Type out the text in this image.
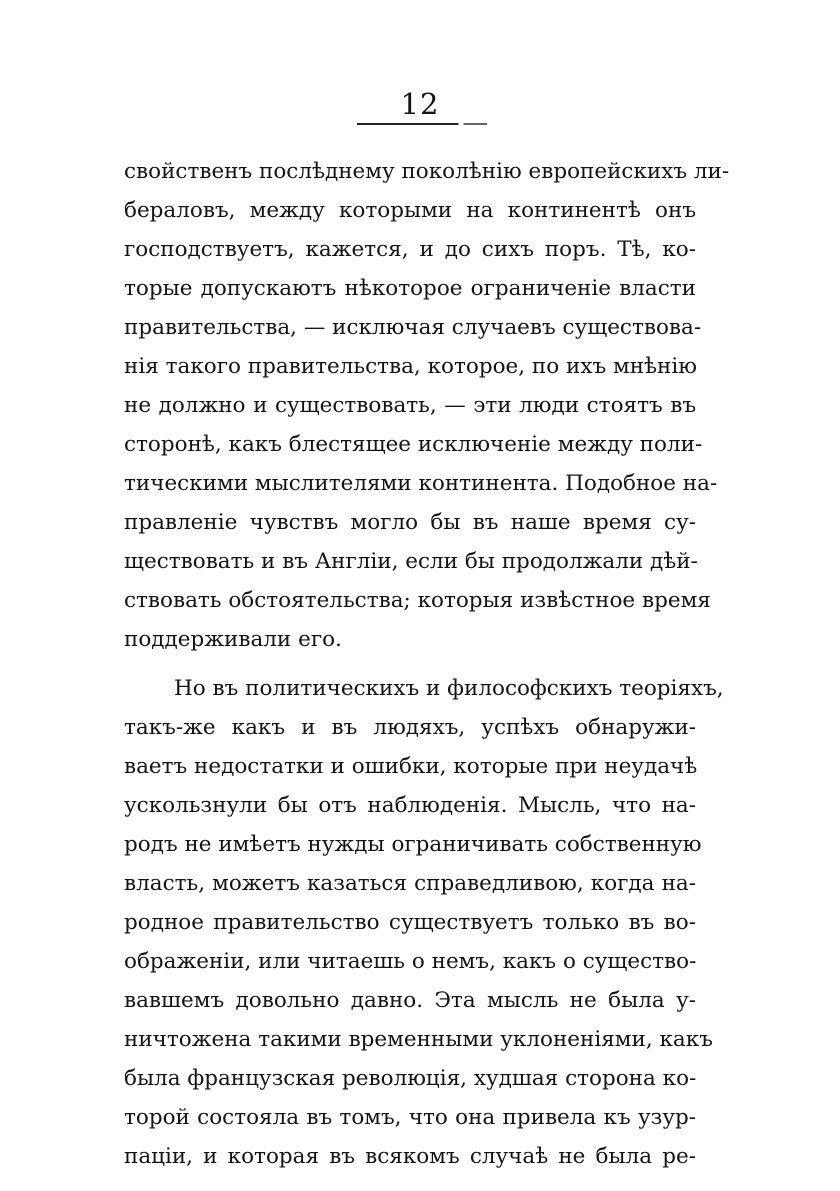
12
свойственъ послѣднему поколѣнію европейскихъ ли-
бераловъ, между которыми на континентѣ онъ
господствуетъ, кажется, и до сихъ поръ. Тѣ, ко-
торые допускаютъ нѣкоторое ограниченіе власти
правительства, — исключая случаевъ существова-
нія такого правительства, которое, по ихъ мнѣнію
не должно и существовать, — эти люди стоятъ въ
сторонѣ, какъ блестящее исключеніе между поли-
тическими мыслителями континента. Подобное на-
правленіе чувствъ могло бы въ наше время су-
ществовать и въ Англіи, если бы продолжали дѣй-
ствовать обстоятельства; которыя извѣстное время
поддерживали его.
Но въ политическихъ и философскихъ теоріяхъ,
такъ-же какъ и въ людяхъ, успѣхъ обнаружи-
ваетъ недостатки и ошибки, которые при неудачѣ
ускользнули бы отъ наблюденія. Мысль, что на-
родъ не имѣетъ нужды ограничивать собственную
власть, можетъ казаться справедливою, когда на-
родное правительство существуетъ только въ во-
ображеніи, или читаешь о немъ, какъ о существо-
вавшемъ довольно давно. Эта мысль не была у-
ничтожена такими временными уклоненіями, какъ
была французская революція, худшая сторона ко-
торой состояла въ томъ, что она привела къ узур-
паціи, и которая въ всякомъ случаѣ не была ре-
